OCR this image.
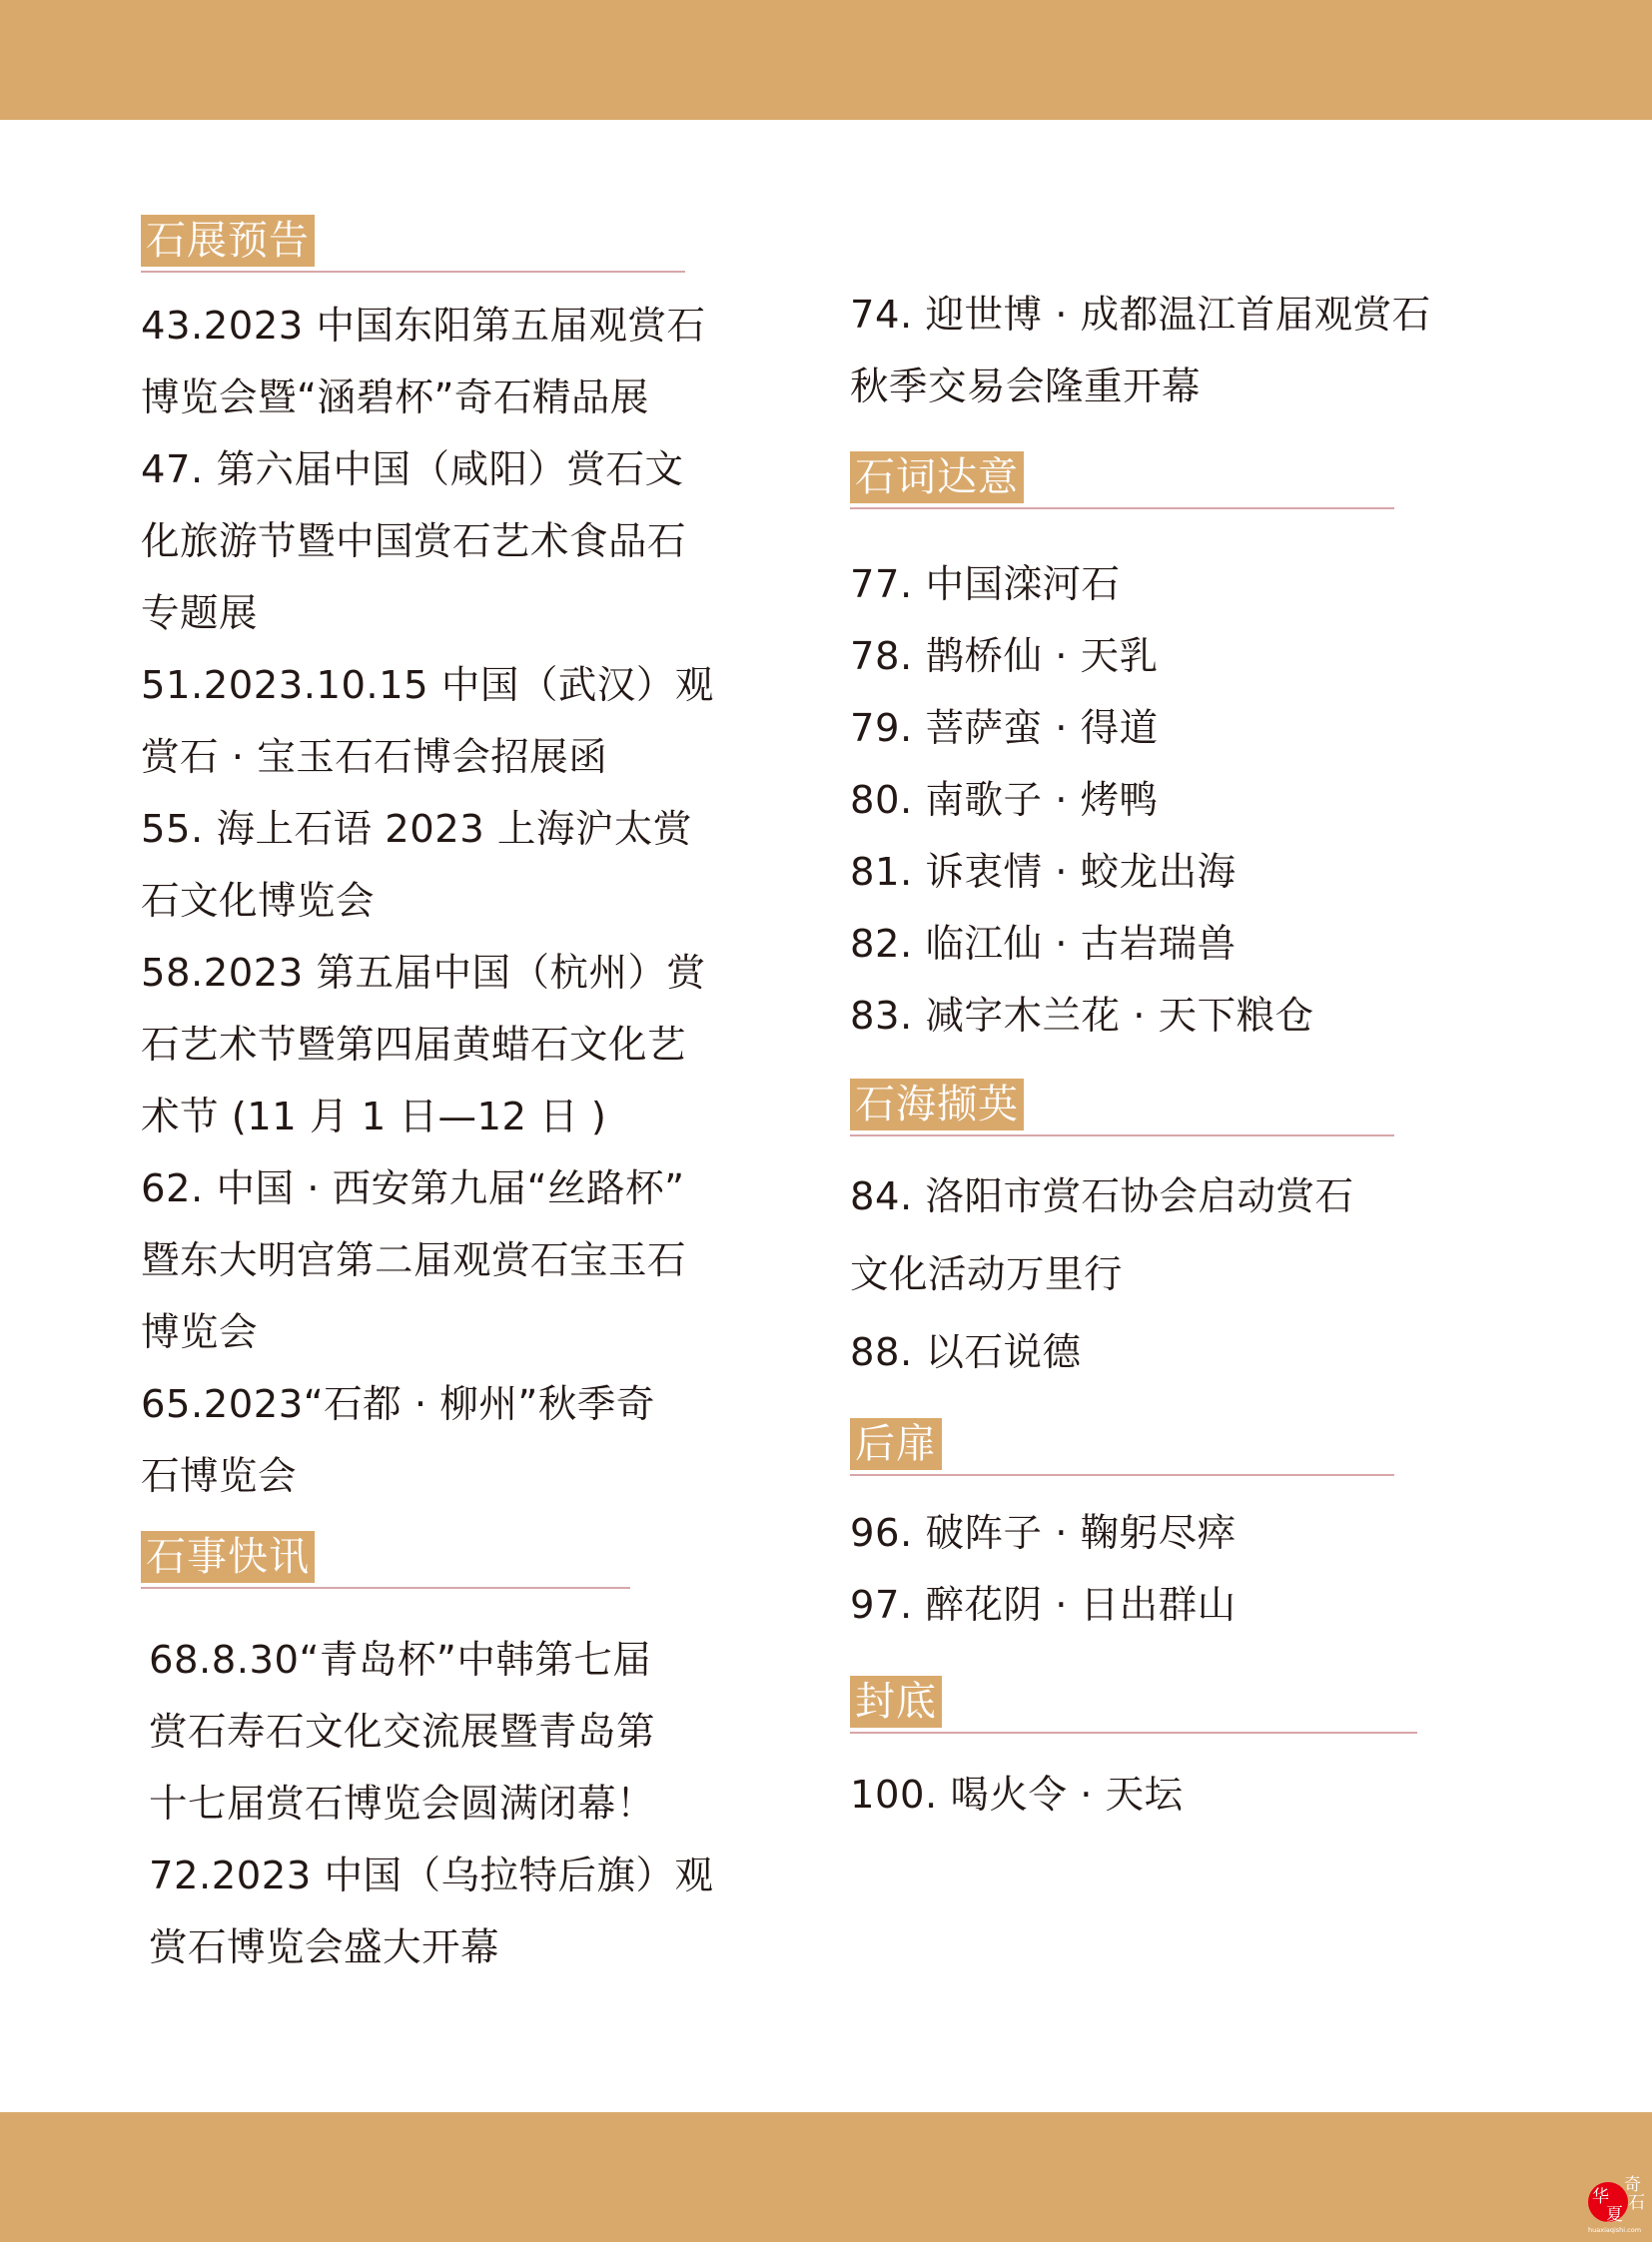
石展预告

43.2023 中国东阳第五届观赏石
博览会暨“涵碧杯”奇石精品展

47. 第六届中国（咸阳）赏石文
化旅游节暨中国赏石艺术食品石
专题展

51.2023.10.15 中国（武汉）观
赏石 · 宝玉石石博会招展函

55. 海上石语 2023 上海沪太赏
石文化博览会

58.2023 第五届中国（杭州）赏
石艺术节暨第四届黄蜡石文化艺
术节 (11 月 1 日—12 日 )

62. 中国 · 西安第九届“丝路杯”
暨东大明宫第二届观赏石宝玉石
博览会

65.2023“石都 · 柳州”秋季奇
石博览会

石事快讯

68.8.30“青岛杯”中韩第七届
赏石寿石文化交流展暨青岛第
十七届赏石博览会圆满闭幕！

72.2023 中国（乌拉特后旗）观
赏石博览会盛大开幕

74. 迎世博 · 成都温江首届观赏石
秋季交易会隆重开幕

石词达意

77. 中国滦河石

78. 鹊桥仙 · 天乳

79. 菩萨蛮 · 得道

80. 南歌子 · 烤鸭

81. 诉衷情 · 蛟龙出海

82. 临江仙 · 古岩瑞兽

83. 减字木兰花 · 天下粮仓

石海撷英

84. 洛阳市赏石协会启动赏石
文化活动万里行

88. 以石说德

后扉

96. 破阵子 · 鞠躬尽瘁

97. 醉花阴 · 日出群山

封底

100. 喝火令 · 天坛

华
夏
奇
石
huaxiaqishi.com
